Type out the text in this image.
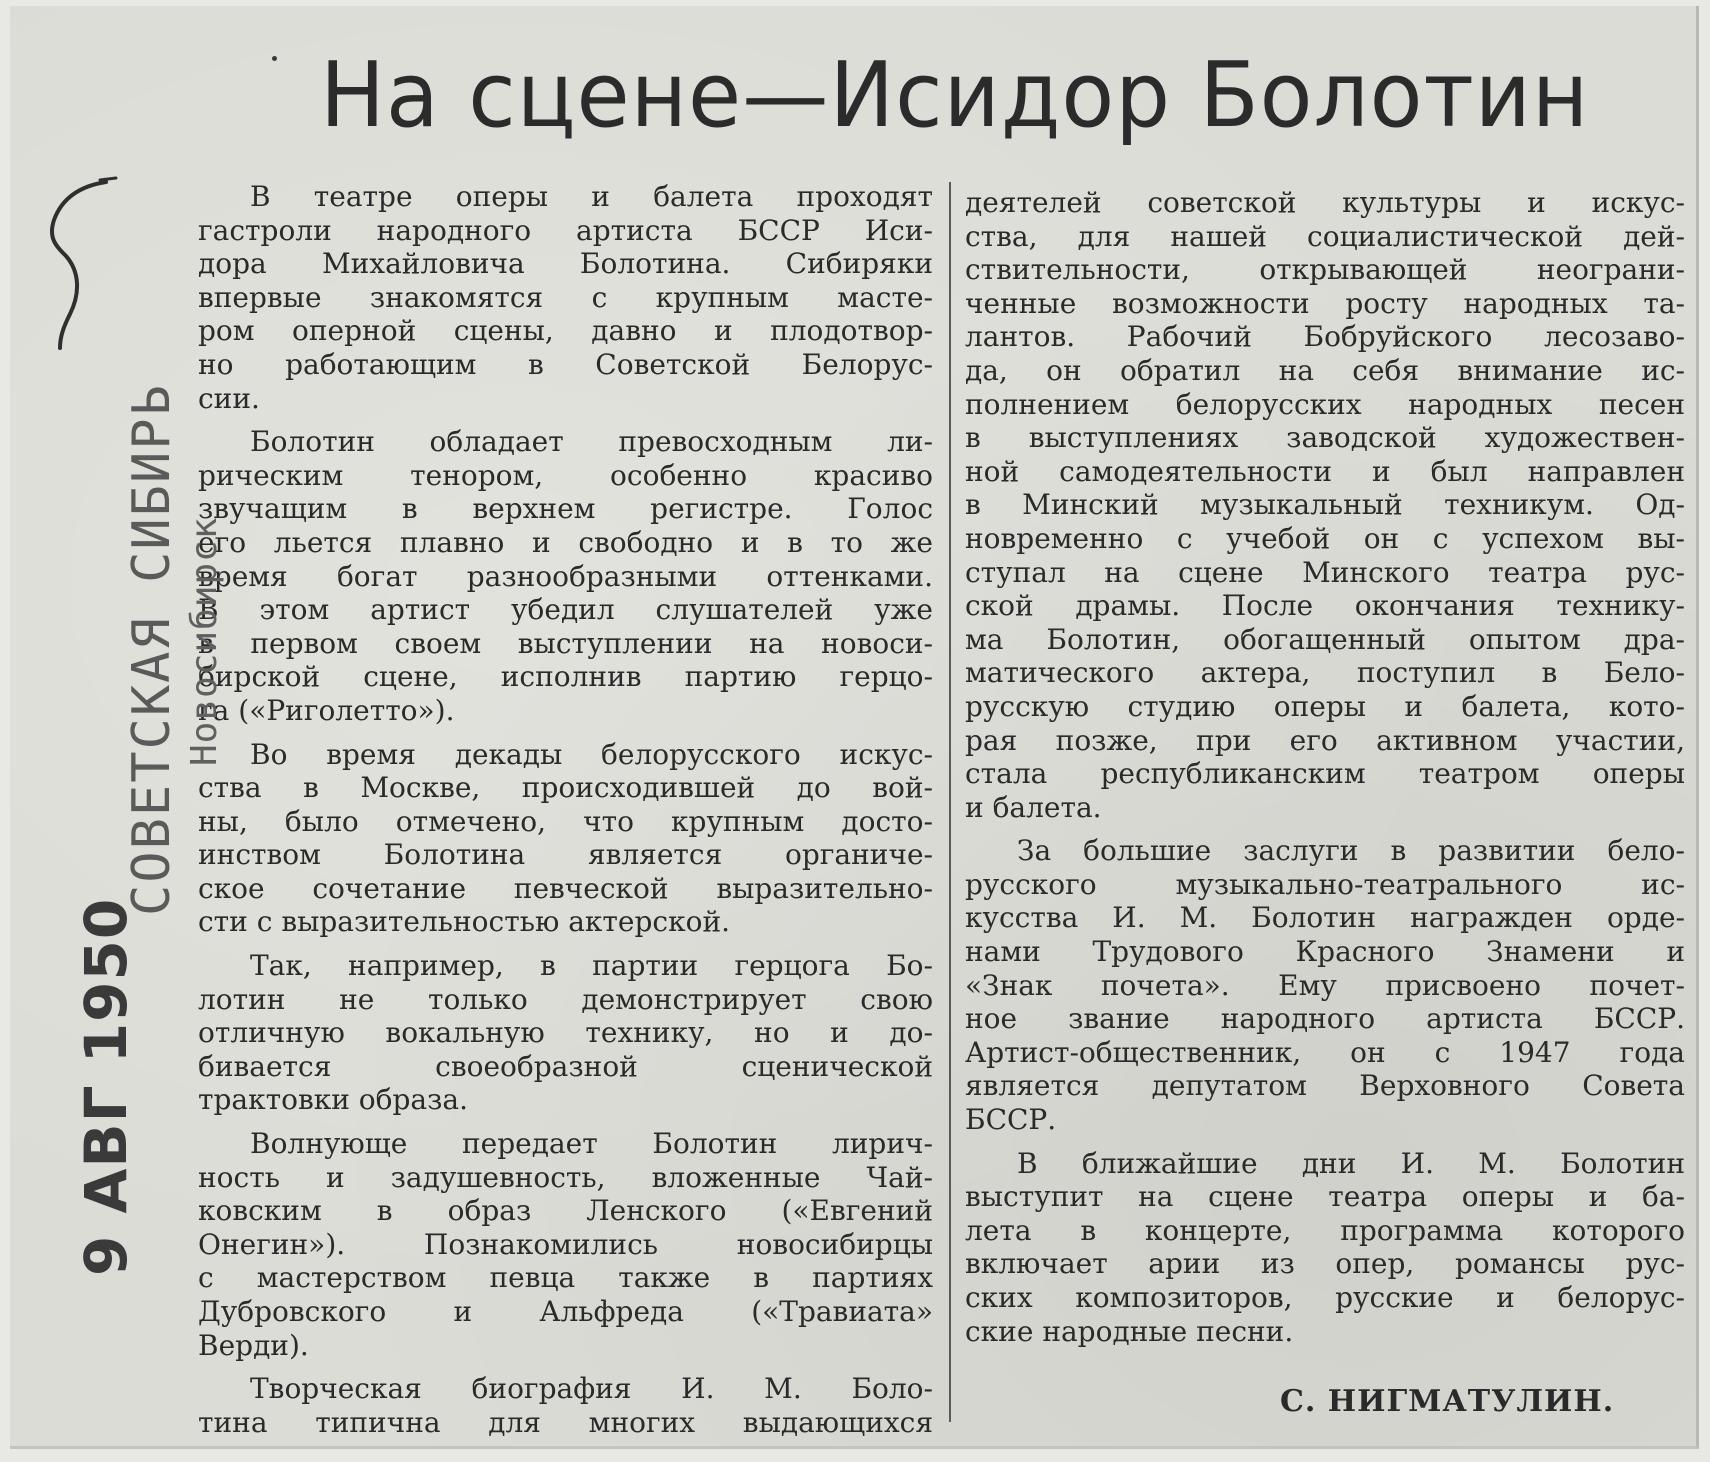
На сцене—Исидор Болотин
В театре оперы и балета проходят
гастроли народного артиста БССР Иси-
дора Михайловича Болотина. Сибиряки
впервые знакомятся с крупным масте-
ром оперной сцены, давно и плодотвор-
но работающим в Советской Белорус-
сии.
Болотин обладает превосходным ли-
рическим тенором, особенно красиво
звучащим в верхнем регистре. Голос
его льется плавно и свободно и в то же
время богат разнообразными оттенками.
В этом артист убедил слушателей уже
в первом своем выступлении на новоси-
бирской сцене, исполнив партию герцо-
га («Риголетто»).
Во время декады белорусского искус-
ства в Москве, происходившей до вой-
ны, было отмечено, что крупным досто-
инством Болотина является органиче-
ское сочетание певческой выразительно-
сти с выразительностью актерской.
Так, например, в партии герцога Бо-
лотин не только демонстрирует свою
отличную вокальную технику, но и до-
бивается своеобразной сценической
трактовки образа.
Волнующе передает Болотин лирич-
ность и задушевность, вложенные Чай-
ковским в образ Ленского («Евгений
Онегин»). Познакомились новосибирцы
с мастерством певца также в партиях
Дубровского и Альфреда («Травиата»
Верди).
Творческая биография И. М. Боло-
тина типична для многих выдающихся
деятелей советской культуры и искус-
ства, для нашей социалистической дей-
ствительности, открывающей неограни-
ченные возможности росту народных та-
лантов. Рабочий Бобруйского лесозаво-
да, он обратил на себя внимание ис-
полнением белорусских народных песен
в выступлениях заводской художествен-
ной самодеятельности и был направлен
в Минский музыкальный техникум. Од-
новременно с учебой он с успехом вы-
ступал на сцене Минского театра рус-
ской драмы. После окончания технику-
ма Болотин, обогащенный опытом дра-
матического актера, поступил в Бело-
русскую студию оперы и балета, кото-
рая позже, при его активном участии,
стала республиканским театром оперы
и балета.
За большие заслуги в развитии бело-
русского музыкально-театрального ис-
кусства И. М. Болотин награжден орде-
нами Трудового Красного Знамени и
«Знак почета». Ему присвоено почет-
ное звание народного артиста БССР.
Артист-общественник, он с 1947 года
является депутатом Верховного Совета
БССР.
В ближайшие дни И. М. Болотин
выступит на сцене театра оперы и ба-
лета в концерте, программа которого
включает арии из опер, романсы рус-
ских композиторов, русские и белорус-
ские народные песни.
С. НИГМАТУЛИН.
СОВЕТСКАЯ СИБИРЬ Новосибирск
9 АВГ 1950
